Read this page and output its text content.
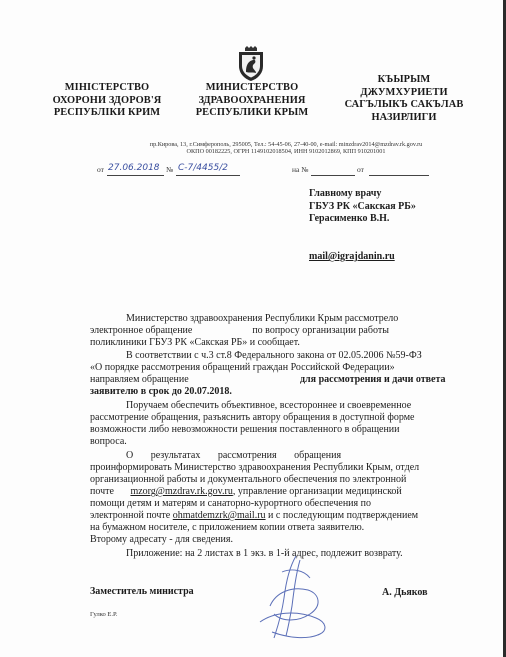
МІНІСТЕРСТВО
ОХОРОНИ ЗДОРОВ'Я
РЕСПУБЛІКИ КРИМ
МИНИСТЕРСТВО
ЗДРАВООХРАНЕНИЯ
РЕСПУБЛИКИ КРЫМ
КЪЫРЫМ
ДЖУМХУРИЕТИ
САГЪЛЫКЪ САКЪЛАВ
НАЗИРЛИГИ
пр.Кирова, 13, г.Симферополь, 295005, Тел.: 54-45-06, 27-40-00, e-mail: minzdrav2014@mzdrav.rk.gov.ru
ОКПО 00182225, ОГРН 1149102018504, ИНН 9102012869, КПП 910201001
от 27.06.2018 № С-7/4455/2	на №	от
Главному врачу
ГБУЗ РК «Сакская РБ»
Герасименко В.Н.
mail@igrajdanin.ru
Министерство здравоохранения Республики Крым рассмотрело
электронное обращение                        по вопросу организации работы
поликлиники ГБУЗ РК «Сакская РБ» и сообщает.
В соответствии с ч.3 ст.8 Федерального закона от 02.05.2006 №59-ФЗ
«О порядке рассмотрения обращений граждан Российской Федерации»
направляем обращение	для рассмотрения и дачи ответа
заявителю в срок до 20.07.2018.
Поручаем обеспечить объективное, всестороннее и своевременное
рассмотрение обращения, разъяснить автору обращения в доступной форме
возможности либо невозможности решения поставленного в обращении
вопроса.
О       результатах       рассмотрения       обращения
проинформировать Министерство здравоохранения Республики Крым, отдел
организационной работы и документального обеспечения по электронной
почте mzorg@mzdrav.rk.gov.ru, управление организации медицинской
помощи детям и матерям и санаторно-курортного обеспечения по
электронной почте ohmatdemzrk@mail.ru и с последующим подтверждением
на бумажном носителе, с приложением копии ответа заявителю.
Второму адресату - для сведения.
Приложение: на 2 листах в 1 экз. в 1-й адрес, подлежит возврату.
Заместитель министра	А. Дьяков
Гулко Е.Р.
